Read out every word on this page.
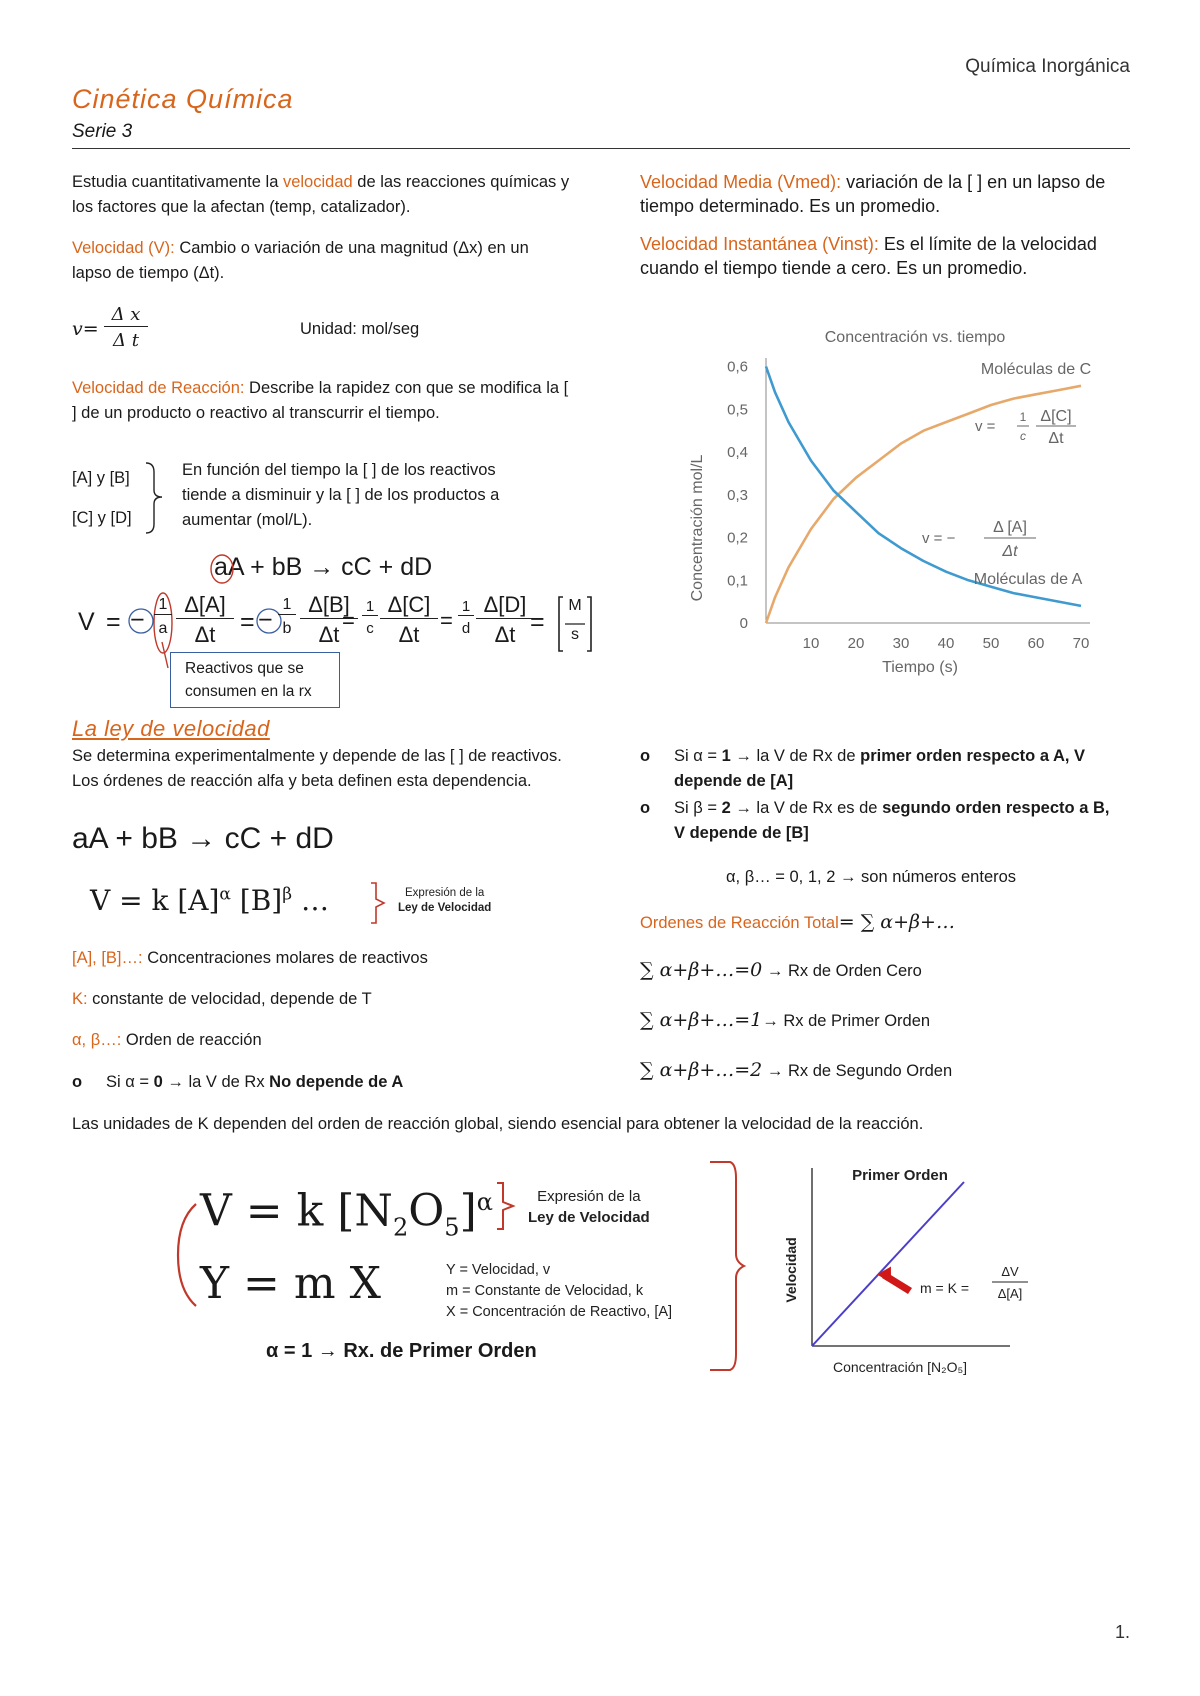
Química Inorgánica
Cinética Química
Serie 3
Estudia cuantitativamente la velocidad de las reacciones químicas y los factores que la afectan (temp, catalizador).
Velocidad (V): Cambio o variación de una magnitud (Δx) en un lapso de tiempo (Δt).
v=
Δ x
Δ t
Unidad: mol/seg
Velocidad de Reacción: Describe la rapidez con que se modifica la [ ] de un producto o reactivo al transcurrir el tiempo.
[A] y [B]
[C] y [D]
En función del tiempo la [ ] de los reactivos tiende a disminuir y la [ ] de los productos a aumentar (mol/L).
aA + bB → cC + dD
V = −
1
a
Δ[A]
Δt = −
1
b
Δ[B]
Δt
=
1
c
Δ[C]
Δt
=
1
d
Δ[D]
Δt =
M
s
Reactivos que se consumen en la rx
Velocidad Media (Vmed): variación de la [ ] en un lapso de tiempo determinado. Es un promedio.
Velocidad Instantánea (Vinst): Es el límite de la velocidad cuando el tiempo tiende a cero. Es un promedio.
Concentración vs. tiempo
Concentración mol/L
Tiempo (s)
10 20 30 40 50 60 70
0
0,1
0,2
0,3
0,4
0,5
0,6	Moléculas de C
Moléculas de A
v =
1
c
Δ[C]
Δt
v = −
Δ [A]
Δt
La ley de velocidad
Se determina experimentalmente y depende de las [ ] de reactivos. Los órdenes de reacción alfa y beta definen esta dependencia.
aA + bB → cC + dD
V = k $[A]^\alpha$ $[B]^\beta$ …	Expresión de la
Ley de Velocidad
[A], [B]…: Concentraciones molares de reactivos
K: constante de velocidad, depende de T
α, β…: Orden de reacción
o Si α = 0 → la V de Rx No depende de A
o	Si α = 1 → la V de Rx de primer orden respecto a A, V depende de [A]
o	Si β = 2 → la V de Rx es de segundo orden respecto a B, V depende de [B]
α, β… = 0, 1, 2 → son números enteros
Ordenes de Reacción Total= ∑ α+β+…
∑ α+β+…=0 → Rx de Orden Cero
∑ α+β+…=1→ Rx de Primer Orden
∑ α+β+…=2 → Rx de Segundo Orden
Las unidades de K dependen del orden de reacción global, siendo esencial para obtener la velocidad de la reacción.
V = k $[N_2O_5]^\alpha$
Y = m X
Expresión de la
Ley de Velocidad
Y = Velocidad, v
m = Constante de Velocidad, k
X = Concentración de Reactivo, [A]
α = 1 → Rx. de Primer Orden
Primer Orden
Velocidad
Concentración [N₂O₅]
m = K =
ΔV
Δ[A]
1.
